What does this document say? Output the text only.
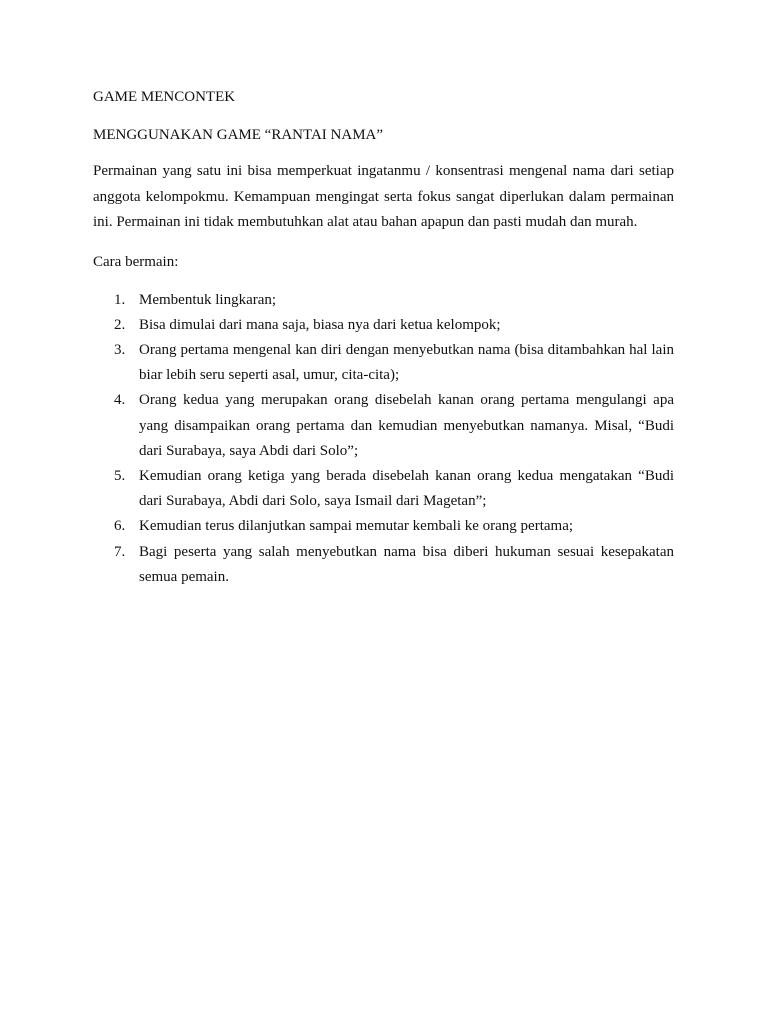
GAME MENCONTEK
MENGGUNAKAN GAME “RANTAI NAMA”

Permainan yang satu ini bisa memperkuat ingatanmu / konsentrasi mengenal nama dari setiap anggota kelompokmu. Kemampuan mengingat serta fokus sangat diperlukan dalam permainan ini. Permainan ini tidak membutuhkan alat atau bahan apapun dan pasti mudah dan murah.

Cara bermain:

1. Membentuk lingkaran;
2. Bisa dimulai dari mana saja, biasa nya dari ketua kelompok;
3. Orang pertama mengenal kan diri dengan menyebutkan nama (bisa ditambahkan hal lain biar lebih seru seperti asal, umur, cita-cita);
4. Orang kedua yang merupakan orang disebelah kanan orang pertama mengulangi apa yang disampaikan orang pertama dan kemudian menyebutkan namanya. Misal, “Budi dari Surabaya, saya Abdi dari Solo”;
5. Kemudian orang ketiga yang berada disebelah kanan orang kedua mengatakan “Budi dari Surabaya, Abdi dari Solo, saya Ismail dari Magetan”;
6. Kemudian terus dilanjutkan sampai memutar kembali ke orang pertama;
7. Bagi peserta yang salah menyebutkan nama bisa diberi hukuman sesuai kesepakatan semua pemain.
